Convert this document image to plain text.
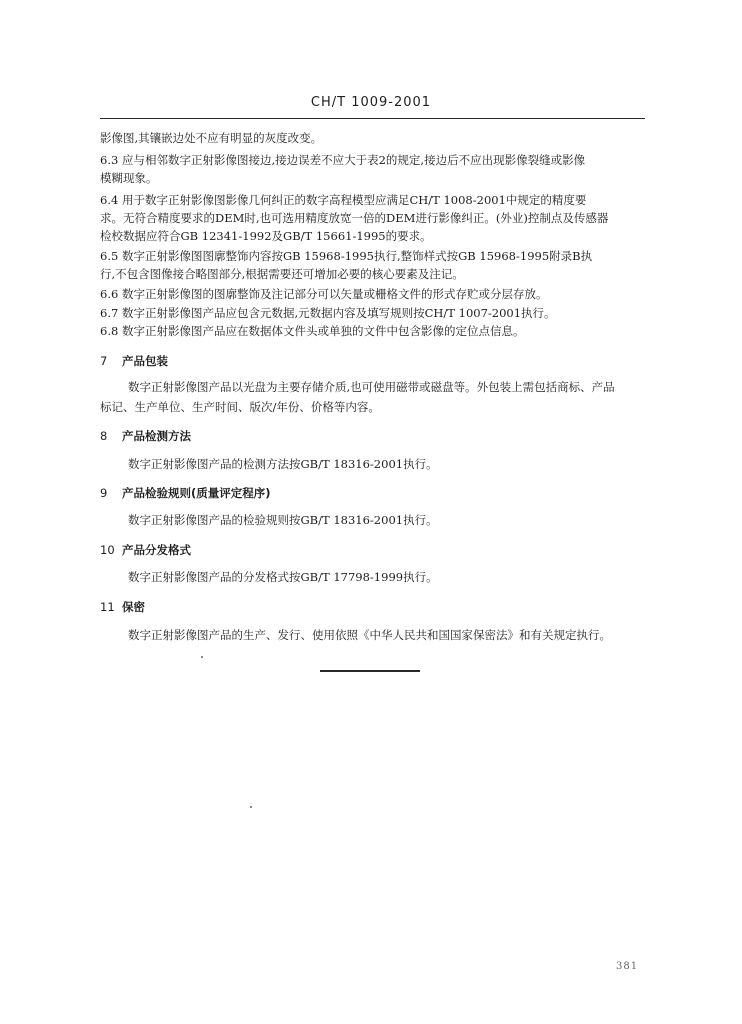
CH/T 1009-2001
影像图,其镶嵌边处不应有明显的灰度改变。
6.3 应与相邻数字正射影像图接边,接边误差不应大于表2的规定,接边后不应出现影像裂缝或影像
模糊现象。
6.4 用于数字正射影像图影像几何纠正的数字高程模型应满足CH/T 1008-2001中规定的精度要
求。无符合精度要求的DEM时,也可选用精度放宽一倍的DEM进行影像纠正。(外业)控制点及传感器
检校数据应符合GB 12341-1992及GB/T 15661-1995的要求。
6.5 数字正射影像图图廓整饰内容按GB 15968-1995执行,整饰样式按GB 15968-1995附录B执
行,不包含图像接合略图部分,根据需要还可增加必要的核心要素及注记。
6.6 数字正射影像图的图廓整饰及注记部分可以矢量或栅格文件的形式存贮或分层存放。
6.7 数字正射影像图产品应包含元数据,元数据内容及填写规则按CH/T 1007-2001执行。
6.8 数字正射影像图产品应在数据体文件头或单独的文件中包含影像的定位点信息。
7 产品包装
数字正射影像图产品以光盘为主要存储介质,也可使用磁带或磁盘等。外包装上需包括商标、产品
标记、生产单位、生产时间、版次/年份、价格等内容。
8 产品检测方法
数字正射影像图产品的检测方法按GB/T 18316-2001执行。
9 产品检验规则(质量评定程序)
数字正射影像图产品的检验规则按GB/T 18316-2001执行。
10 产品分发格式
数字正射影像图产品的分发格式按GB/T 17798-1999执行。
11 保密
数字正射影像图产品的生产、发行、使用依照《中华人民共和国国家保密法》和有关规定执行。
381
